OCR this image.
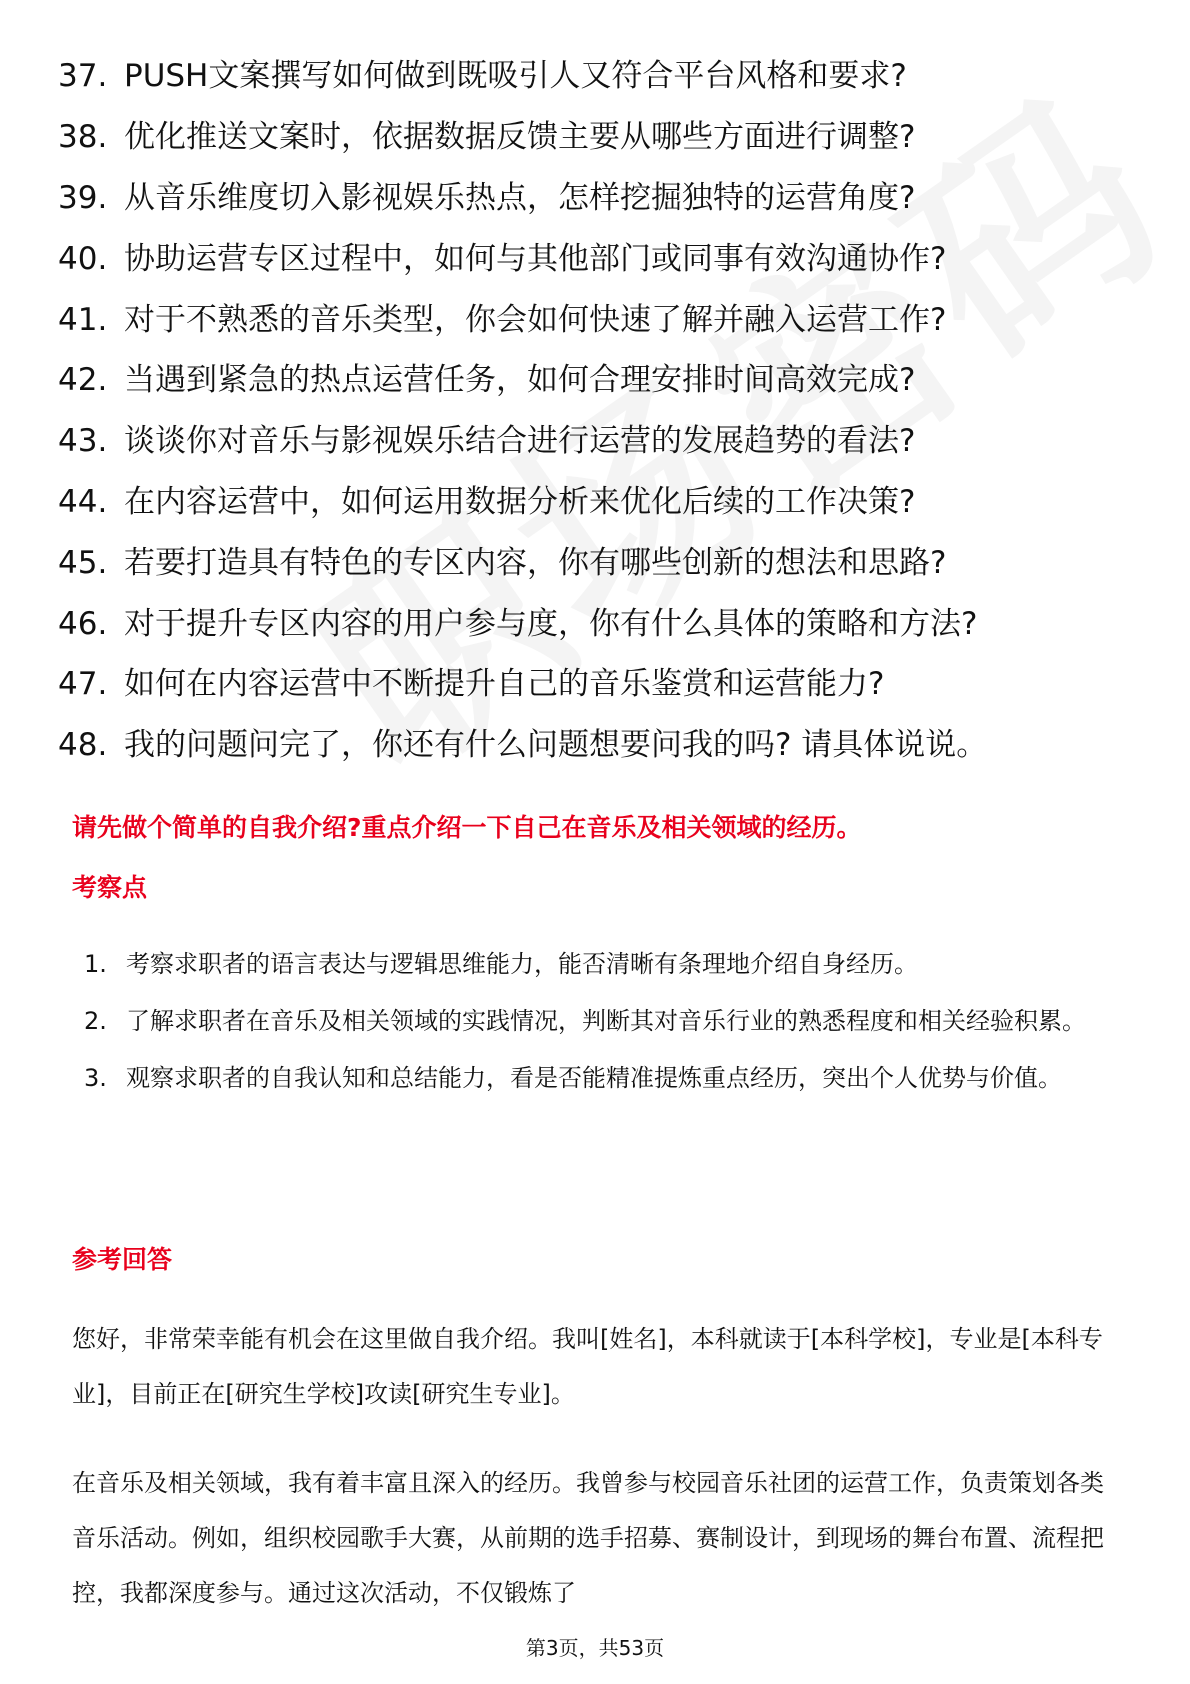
37. PUSH文案撰写如何做到既吸引人又符合平台风格和要求?
38. 优化推送文案时，依据数据反馈主要从哪些方面进行调整?
39. 从音乐维度切入影视娱乐热点，怎样挖掘独特的运营角度?
40. 协助运营专区过程中，如何与其他部门或同事有效沟通协作?
41. 对于不熟悉的音乐类型，你会如何快速了解并融入运营工作?
42. 当遇到紧急的热点运营任务，如何合理安排时间高效完成?
43. 谈谈你对音乐与影视娱乐结合进行运营的发展趋势的看法?
44. 在内容运营中，如何运用数据分析来优化后续的工作决策?
45. 若要打造具有特色的专区内容，你有哪些创新的想法和思路?
46. 对于提升专区内容的用户参与度，你有什么具体的策略和方法?
47. 如何在内容运营中不断提升自己的音乐鉴赏和运营能力?
48. 我的问题问完了，你还有什么问题想要问我的吗? 请具体说说。
请先做个简单的自我介绍?重点介绍一下自己在音乐及相关领域的经历。
考察点
1. 考察求职者的语言表达与逻辑思维能力，能否清晰有条理地介绍自身经历。
2. 了解求职者在音乐及相关领域的实践情况，判断其对音乐行业的熟悉程度和相关经验积累。
3. 观察求职者的自我认知和总结能力，看是否能精准提炼重点经历，突出个人优势与价值。
参考回答

您好，非常荣幸能有机会在这里做自我介绍。我叫[姓名]，本科就读于[本科学校]，专业是[本科专业]，目前正在[研究生学校]攻读[研究生专业]。

在音乐及相关领域，我有着丰富且深入的经历。我曾参与校园音乐社团的运营工作，负责策划各类音乐活动。例如，组织校园歌手大赛，从前期的选手招募、赛制设计，到现场的舞台布置、流程把控，我都深度参与。通过这次活动，不仅锻炼了

第3页，共53页
